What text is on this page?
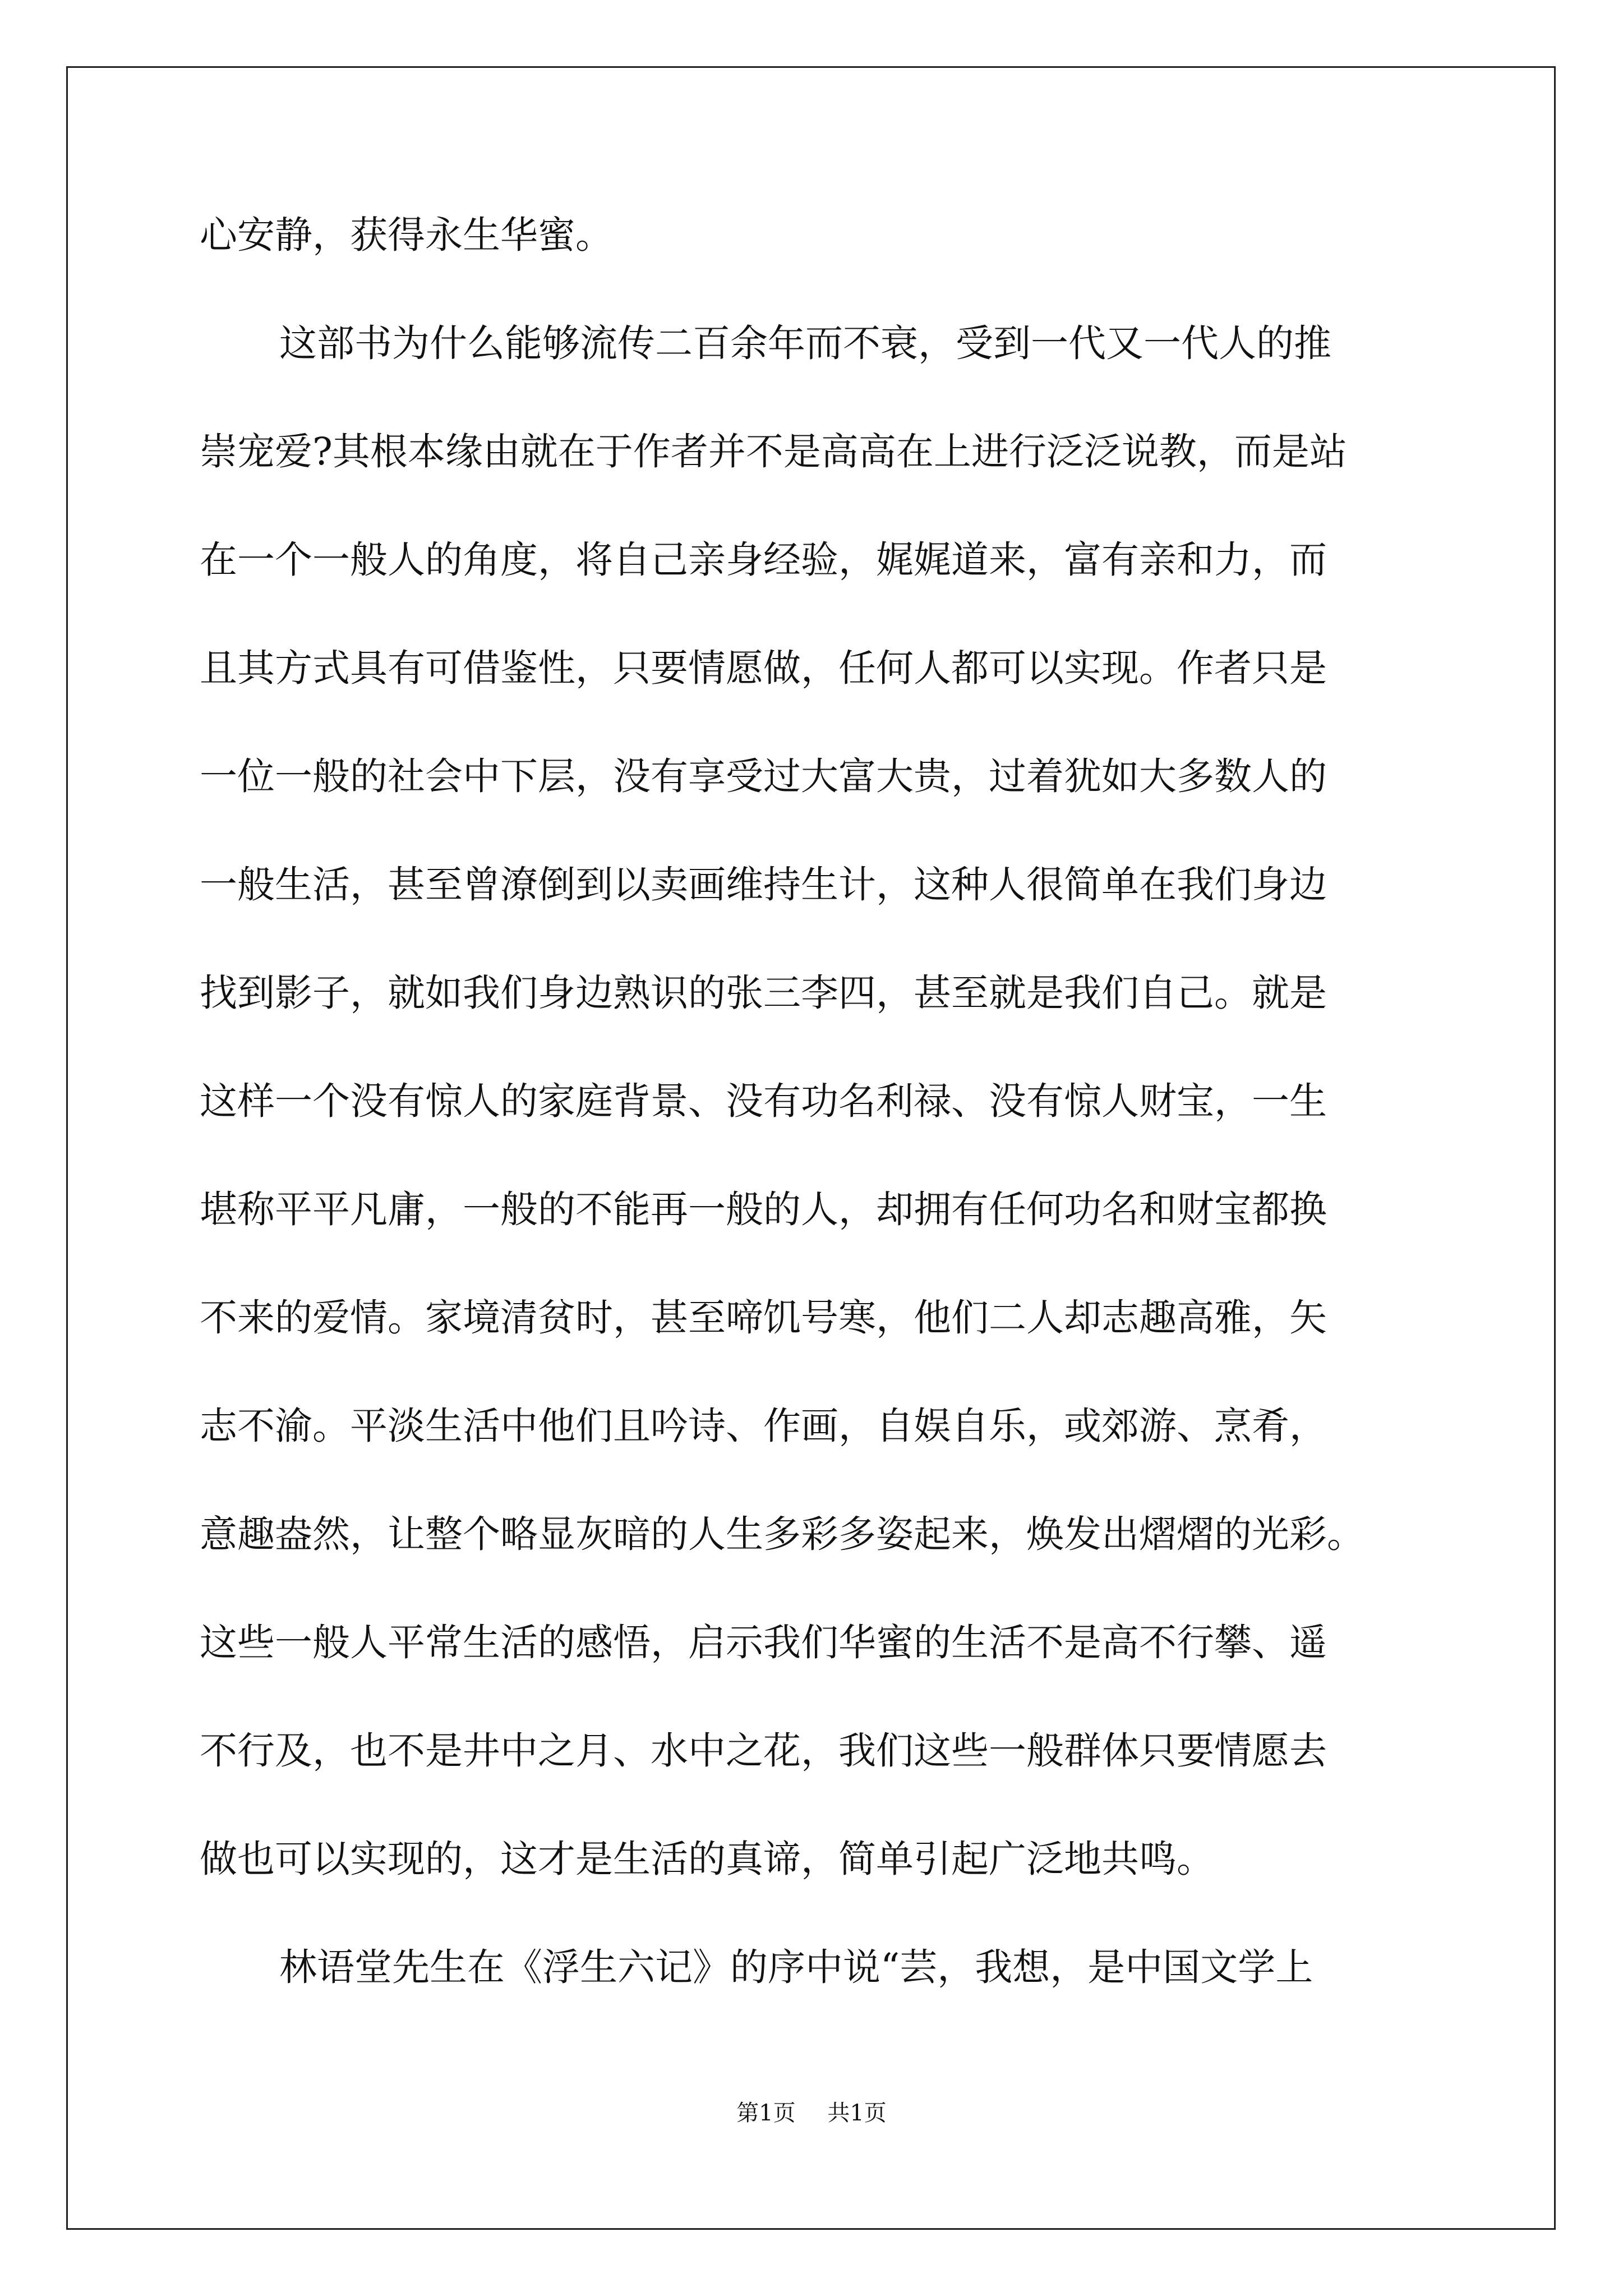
心安静，获得永生华蜜。
这部书为什么能够流传二百余年而不衰，受到一代又一代人的推
崇宠爱?其根本缘由就在于作者并不是高高在上进行泛泛说教，而是站
在一个一般人的角度，将自己亲身经验，娓娓道来，富有亲和力，而
且其方式具有可借鉴性，只要情愿做，任何人都可以实现。作者只是
一位一般的社会中下层，没有享受过大富大贵，过着犹如大多数人的
一般生活，甚至曾潦倒到以卖画维持生计，这种人很简单在我们身边
找到影子，就如我们身边熟识的张三李四，甚至就是我们自己。就是
这样一个没有惊人的家庭背景、没有功名利禄、没有惊人财宝，一生
堪称平平凡庸，一般的不能再一般的人，却拥有任何功名和财宝都换
不来的爱情。家境清贫时，甚至啼饥号寒，他们二人却志趣高雅，矢
志不渝。平淡生活中他们且吟诗、作画，自娱自乐，或郊游、烹肴，
意趣盎然，让整个略显灰暗的人生多彩多姿起来，焕发出熠熠的光彩。
这些一般人平常生活的感悟，启示我们华蜜的生活不是高不行攀、遥
不行及，也不是井中之月、水中之花，我们这些一般群体只要情愿去
做也可以实现的，这才是生活的真谛，简单引起广泛地共鸣。
林语堂先生在《浮生六记》的序中说“芸，我想，是中国文学上
第1页 共1页
